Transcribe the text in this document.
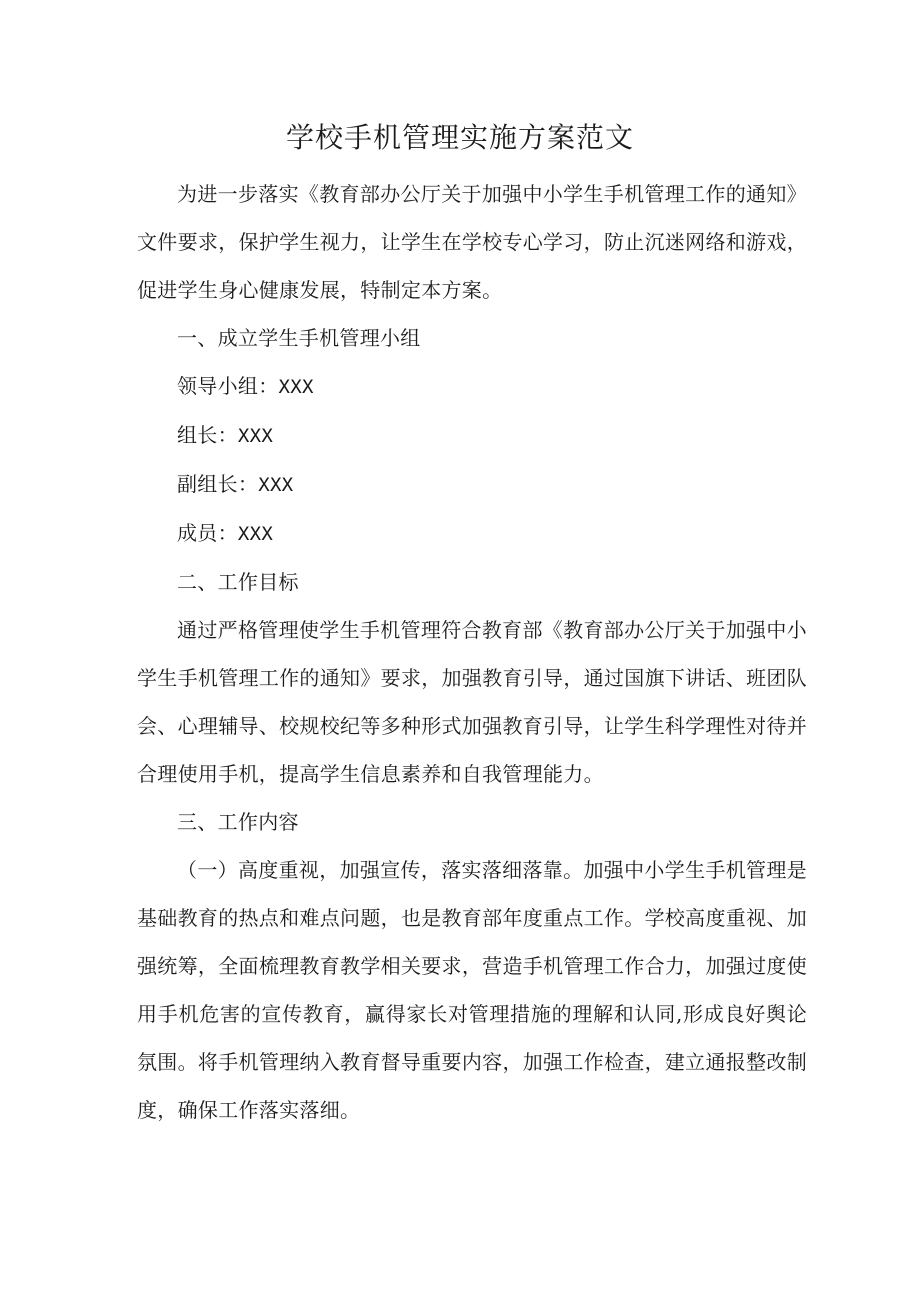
学校手机管理实施方案范文

为进一步落实《教育部办公厅关于加强中小学生手机管理工作的通知》文件要求，保护学生视力，让学生在学校专心学习，防止沉迷网络和游戏，促进学生身心健康发展，特制定本方案。

一、成立学生手机管理小组

领导小组：XXX

组长：XXX

副组长：XXX

成员：XXX

二、工作目标

通过严格管理使学生手机管理符合教育部《教育部办公厅关于加强中小学生手机管理工作的通知》要求，加强教育引导，通过国旗下讲话、班团队会、心理辅导、校规校纪等多种形式加强教育引导，让学生科学理性对待并合理使用手机，提高学生信息素养和自我管理能力。

三、工作内容

（一）高度重视，加强宣传，落实落细落靠。加强中小学生手机管理是基础教育的热点和难点问题，也是教育部年度重点工作。学校高度重视、加强统筹，全面梳理教育教学相关要求，营造手机管理工作合力，加强过度使用手机危害的宣传教育，赢得家长对管理措施的理解和认同,形成良好舆论氛围。将手机管理纳入教育督导重要内容，加强工作检查，建立通报整改制度，确保工作落实落细。
